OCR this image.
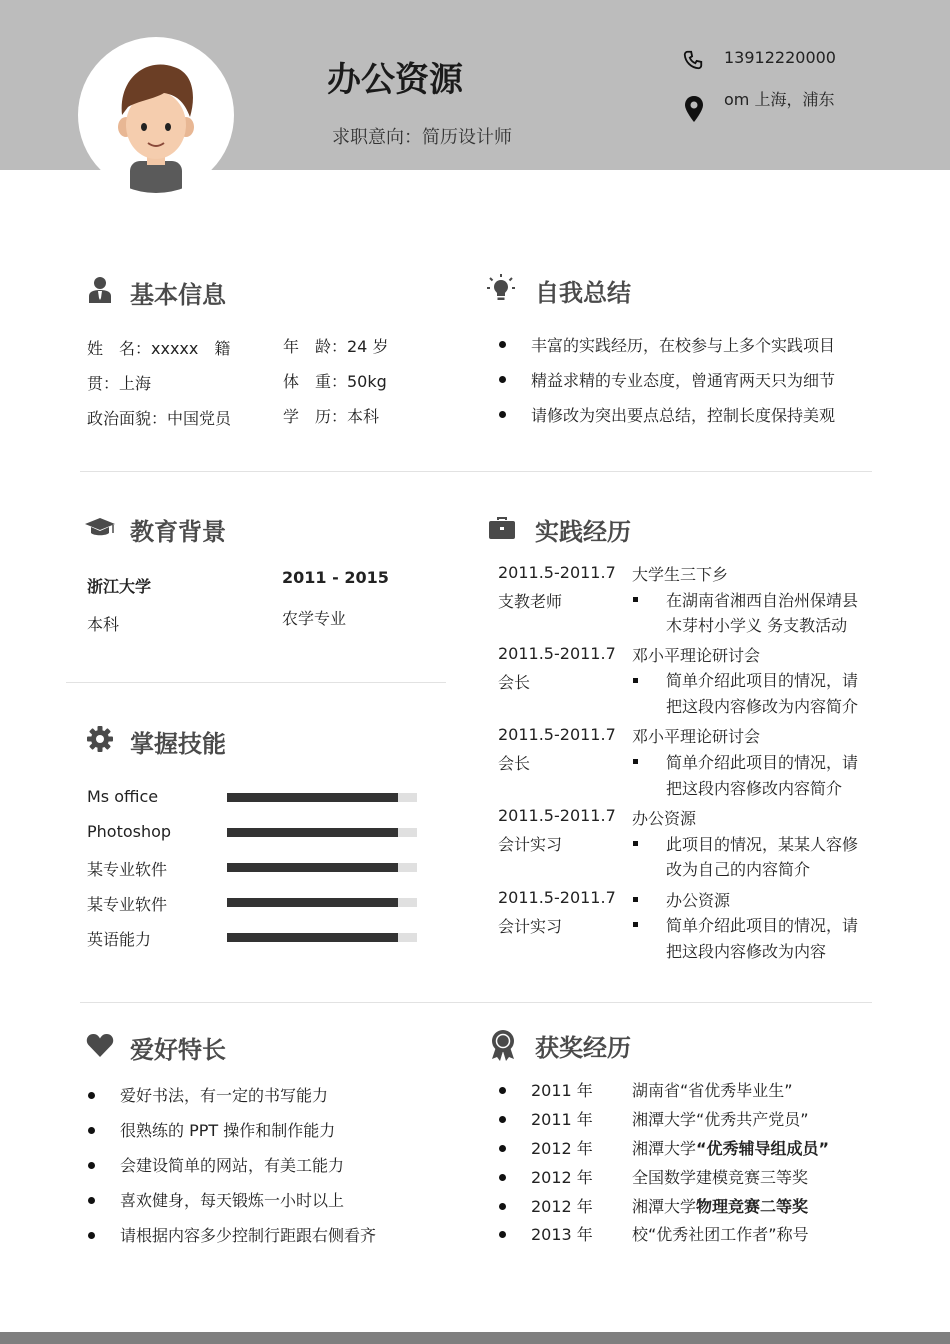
办公资源
求职意向：简历设计师
13912220000
om 上海，浦东
基本信息
姓　名：xxxxx　籍
贯：上海
政治面貌：中国党员
年　龄：24 岁
体　重：50kg
学　历：本科
自我总结
丰富的实践经历，在校参与上多个实践项目
精益求精的专业态度，曾通宵两天只为细节
请修改为突出要点总结，控制长度保持美观
教育背景
浙江大学	2011 - 2015
本科	农学专业
掌握技能
Ms office
Photoshop
某专业软件
某专业软件
英语能力
实践经历
2011.5-2011.7
支教老师
大学生三下乡
在湖南省湘西自治州保靖县
木芽村小学义 务支教活动
2011.5-2011.7
会长
邓小平理论研讨会
简单介绍此项目的情况，请
把这段内容修改为内容简介
2011.5-2011.7
会长
邓小平理论研讨会
简单介绍此项目的情况，请
把这段内容修改内容简介
2011.5-2011.7
会计实习
办公资源
此项目的情况，某某人容修
改为自己的内容简介
2011.5-2011.7
会计实习
办公资源
简单介绍此项目的情况，请
把这段内容修改为内容
爱好特长
爱好书法，有一定的书写能力
很熟练的 PPT 操作和制作能力
会建设简单的网站，有美工能力
喜欢健身，每天锻炼一小时以上
请根据内容多少控制行距跟右侧看齐
获奖经历
2011 年 湖南省“省优秀毕业生”
2011 年 湘潭大学“优秀共产党员”
2012 年 湘潭大学“优秀辅导组成员”
2012 年 全国数学建模竞赛三等奖
2012 年 湘潭大学物理竞赛二等奖
2013 年 校“优秀社团工作者”称号
